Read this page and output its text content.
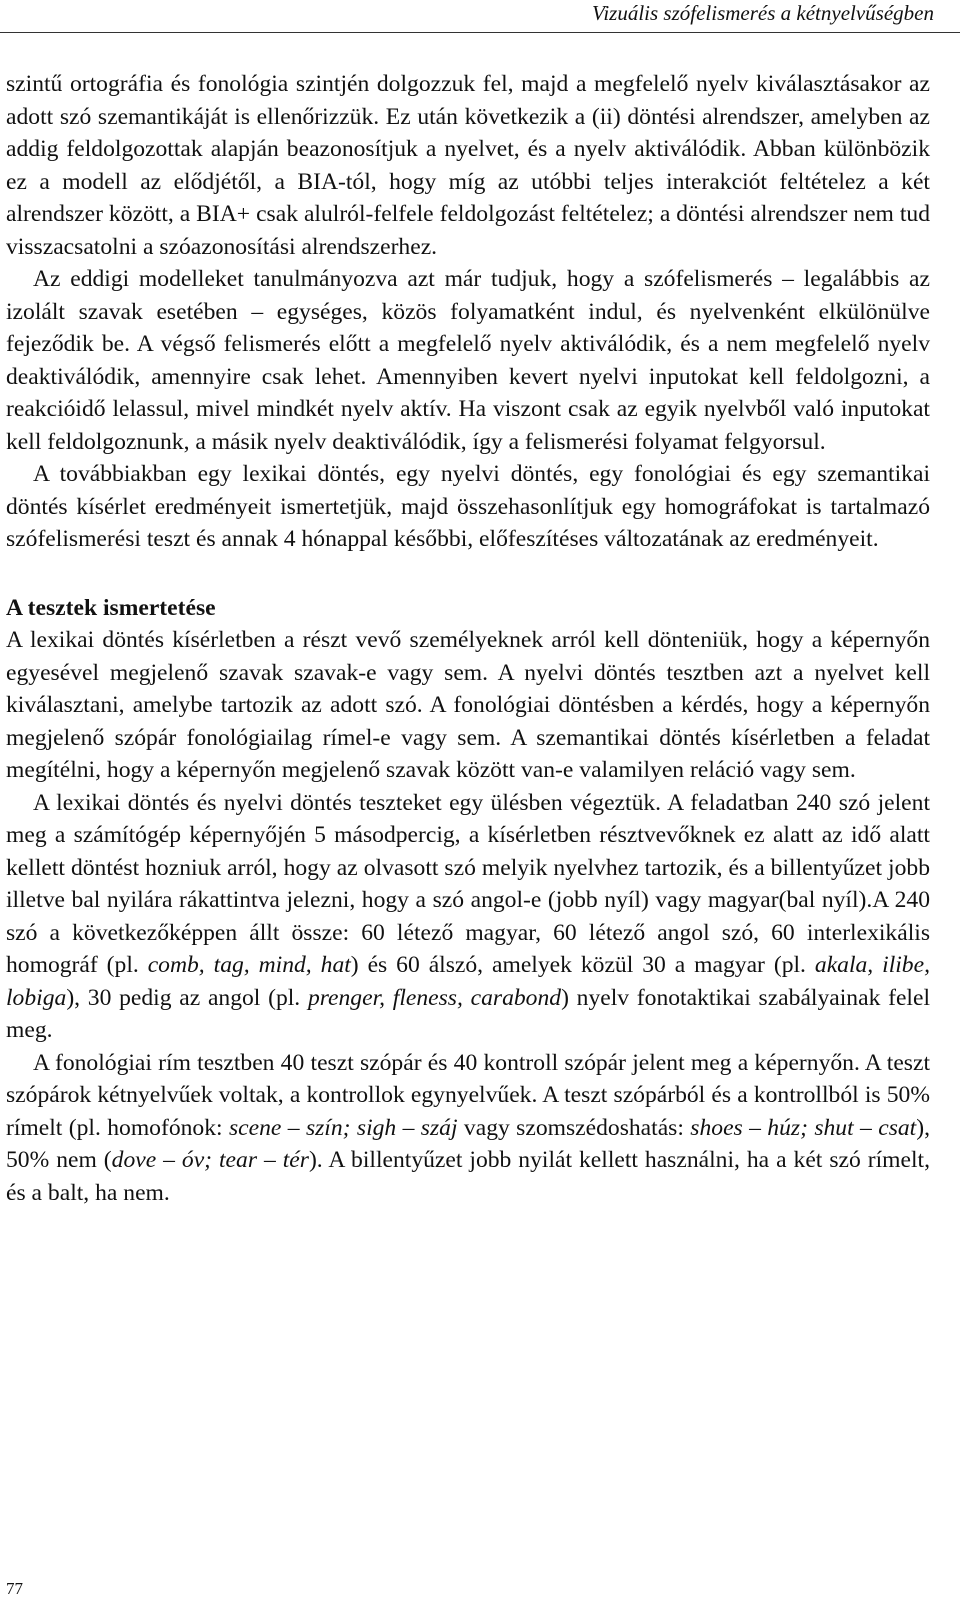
Vizuális szófelismerés a kétnyelvűségben

szintű ortográfia és fonológia szintjén dolgozzuk fel, majd a megfelelő nyelv kiválasztásakor az adott szó szemantikáját is ellenőrizzük. Ez után következik a (ii) döntési alrendszer, amelyben az addig feldolgozottak alapján beazonosítjuk a nyelvet, és a nyelv aktiválódik. Abban különbözik ez a modell az elődjétől, a BIA-tól, hogy míg az utóbbi teljes interakciót feltételez a két alrendszer között, a BIA+ csak alulról-felfele feldolgozást feltételez; a döntési alrendszer nem tud visszacsatolni a szóazonosítási alrendszerhez.

Az eddigi modelleket tanulmányozva azt már tudjuk, hogy a szófelismerés – legalábbis az izolált szavak esetében – egységes, közös folyamatként indul, és nyelvenként elkülönülve fejeződik be. A végső felismerés előtt a megfelelő nyelv aktiválódik, és a nem megfelelő nyelv deaktiválódik, amennyire csak lehet. Amennyiben kevert nyelvi inputokat kell feldolgozni, a reakcióidő lelassul, mivel mindkét nyelv aktív. Ha viszont csak az egyik nyelvből való inputokat kell feldolgoznunk, a másik nyelv deaktiválódik, így a felismerési folyamat felgyorsul.

A továbbiakban egy lexikai döntés, egy nyelvi döntés, egy fonológiai és egy szemantikai döntés kísérlet eredményeit ismertetjük, majd összehasonlítjuk egy homográfokat is tartalmazó szófelismerési teszt és annak 4 hónappal későbbi, előfeszítéses változatának az eredményeit.

A tesztek ismertetése

A lexikai döntés kísérletben a részt vevő személyeknek arról kell dönteniük, hogy a képernyőn egyesével megjelenő szavak szavak-e vagy sem. A nyelvi döntés tesztben azt a nyelvet kell kiválasztani, amelybe tartozik az adott szó. A fonológiai döntésben a kérdés, hogy a képernyőn megjelenő szópár fonológiailag rímel-e vagy sem. A szemantikai döntés kísérletben a feladat megítélni, hogy a képernyőn megjelenő szavak között van-e valamilyen reláció vagy sem.

A lexikai döntés és nyelvi döntés teszteket egy ülésben végeztük. A feladatban 240 szó jelent meg a számítógép képernyőjén 5 másodpercig, a kísérletben résztvevőknek ez alatt az idő alatt kellett döntést hozniuk arról, hogy az olvasott szó melyik nyelvhez tartozik, és a billentyűzet jobb illetve bal nyilára rákattintva jelezni, hogy a szó angol-e (jobb nyíl) vagy magyar(bal nyíl).A 240 szó a következőképpen állt össze: 60 létező magyar, 60 létező angol szó, 60 interlexikális homográf (pl. comb, tag, mind, hat) és 60 álszó, amelyek közül 30 a magyar (pl. akala, ilibe, lobiga), 30 pedig az angol (pl. prenger, fleness, carabond) nyelv fonotaktikai szabályainak felel meg.

A fonológiai rím tesztben 40 teszt szópár és 40 kontroll szópár jelent meg a képernyőn. A teszt szópárok kétnyelvűek voltak, a kontrollok egynyelvűek. A teszt szópárból és a kontrollból is 50% rímelt (pl. homofónok: scene – szín; sigh – száj vagy szomszédoshatás: shoes – húz; shut – csat), 50% nem (dove – óv; tear – tér). A billentyűzet jobb nyilát kellett használni, ha a két szó rímelt, és a balt, ha nem.

77
